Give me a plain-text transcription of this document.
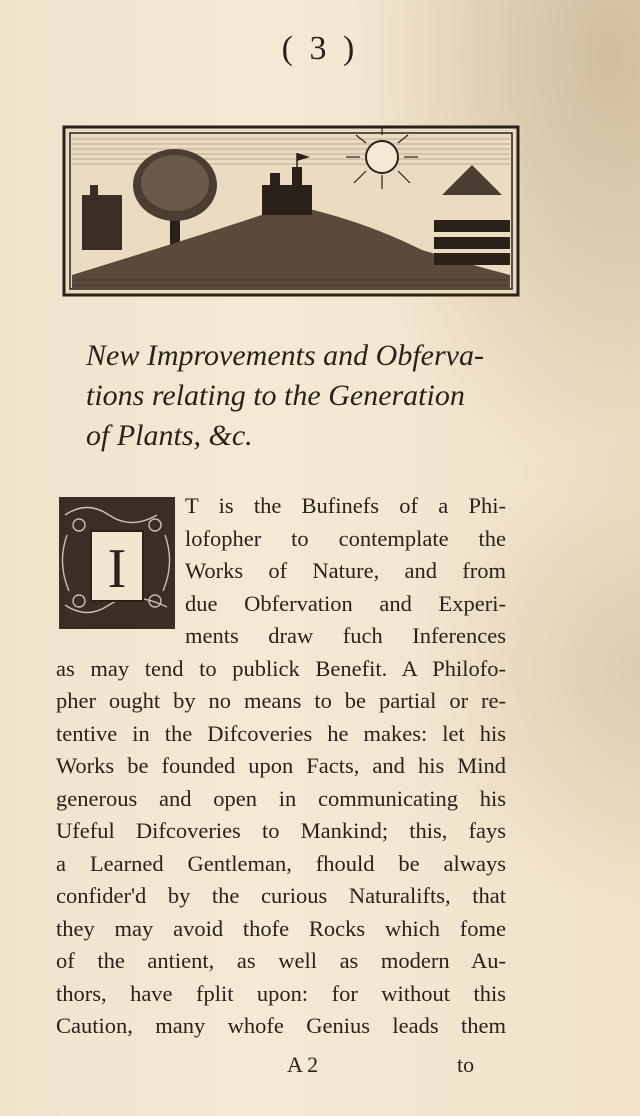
( 3 )
New Improvements and Obferva-
tions relating to the Generation
of Plants, &c.
I
T is the Bufinefs of a Phi-
lofopher to contemplate the
Works of Nature, and from
due Obfervation and Experi-
ments draw fuch Inferences
as may tend to publick Benefit. A Philofo-
pher ought by no means to be partial or re-
tentive in the Difcoveries he makes: let his
Works be founded upon Facts, and his Mind
generous and open in communicating his
Ufeful Difcoveries to Mankind; this, fays
a Learned Gentleman, fhould be always
confider'd by the curious Naturalifts, that
they may avoid thofe Rocks which fome
of the antient, as well as modern Au-
thors, have fplit upon: for without this
Caution, many whofe Genius leads them
A 2	to
